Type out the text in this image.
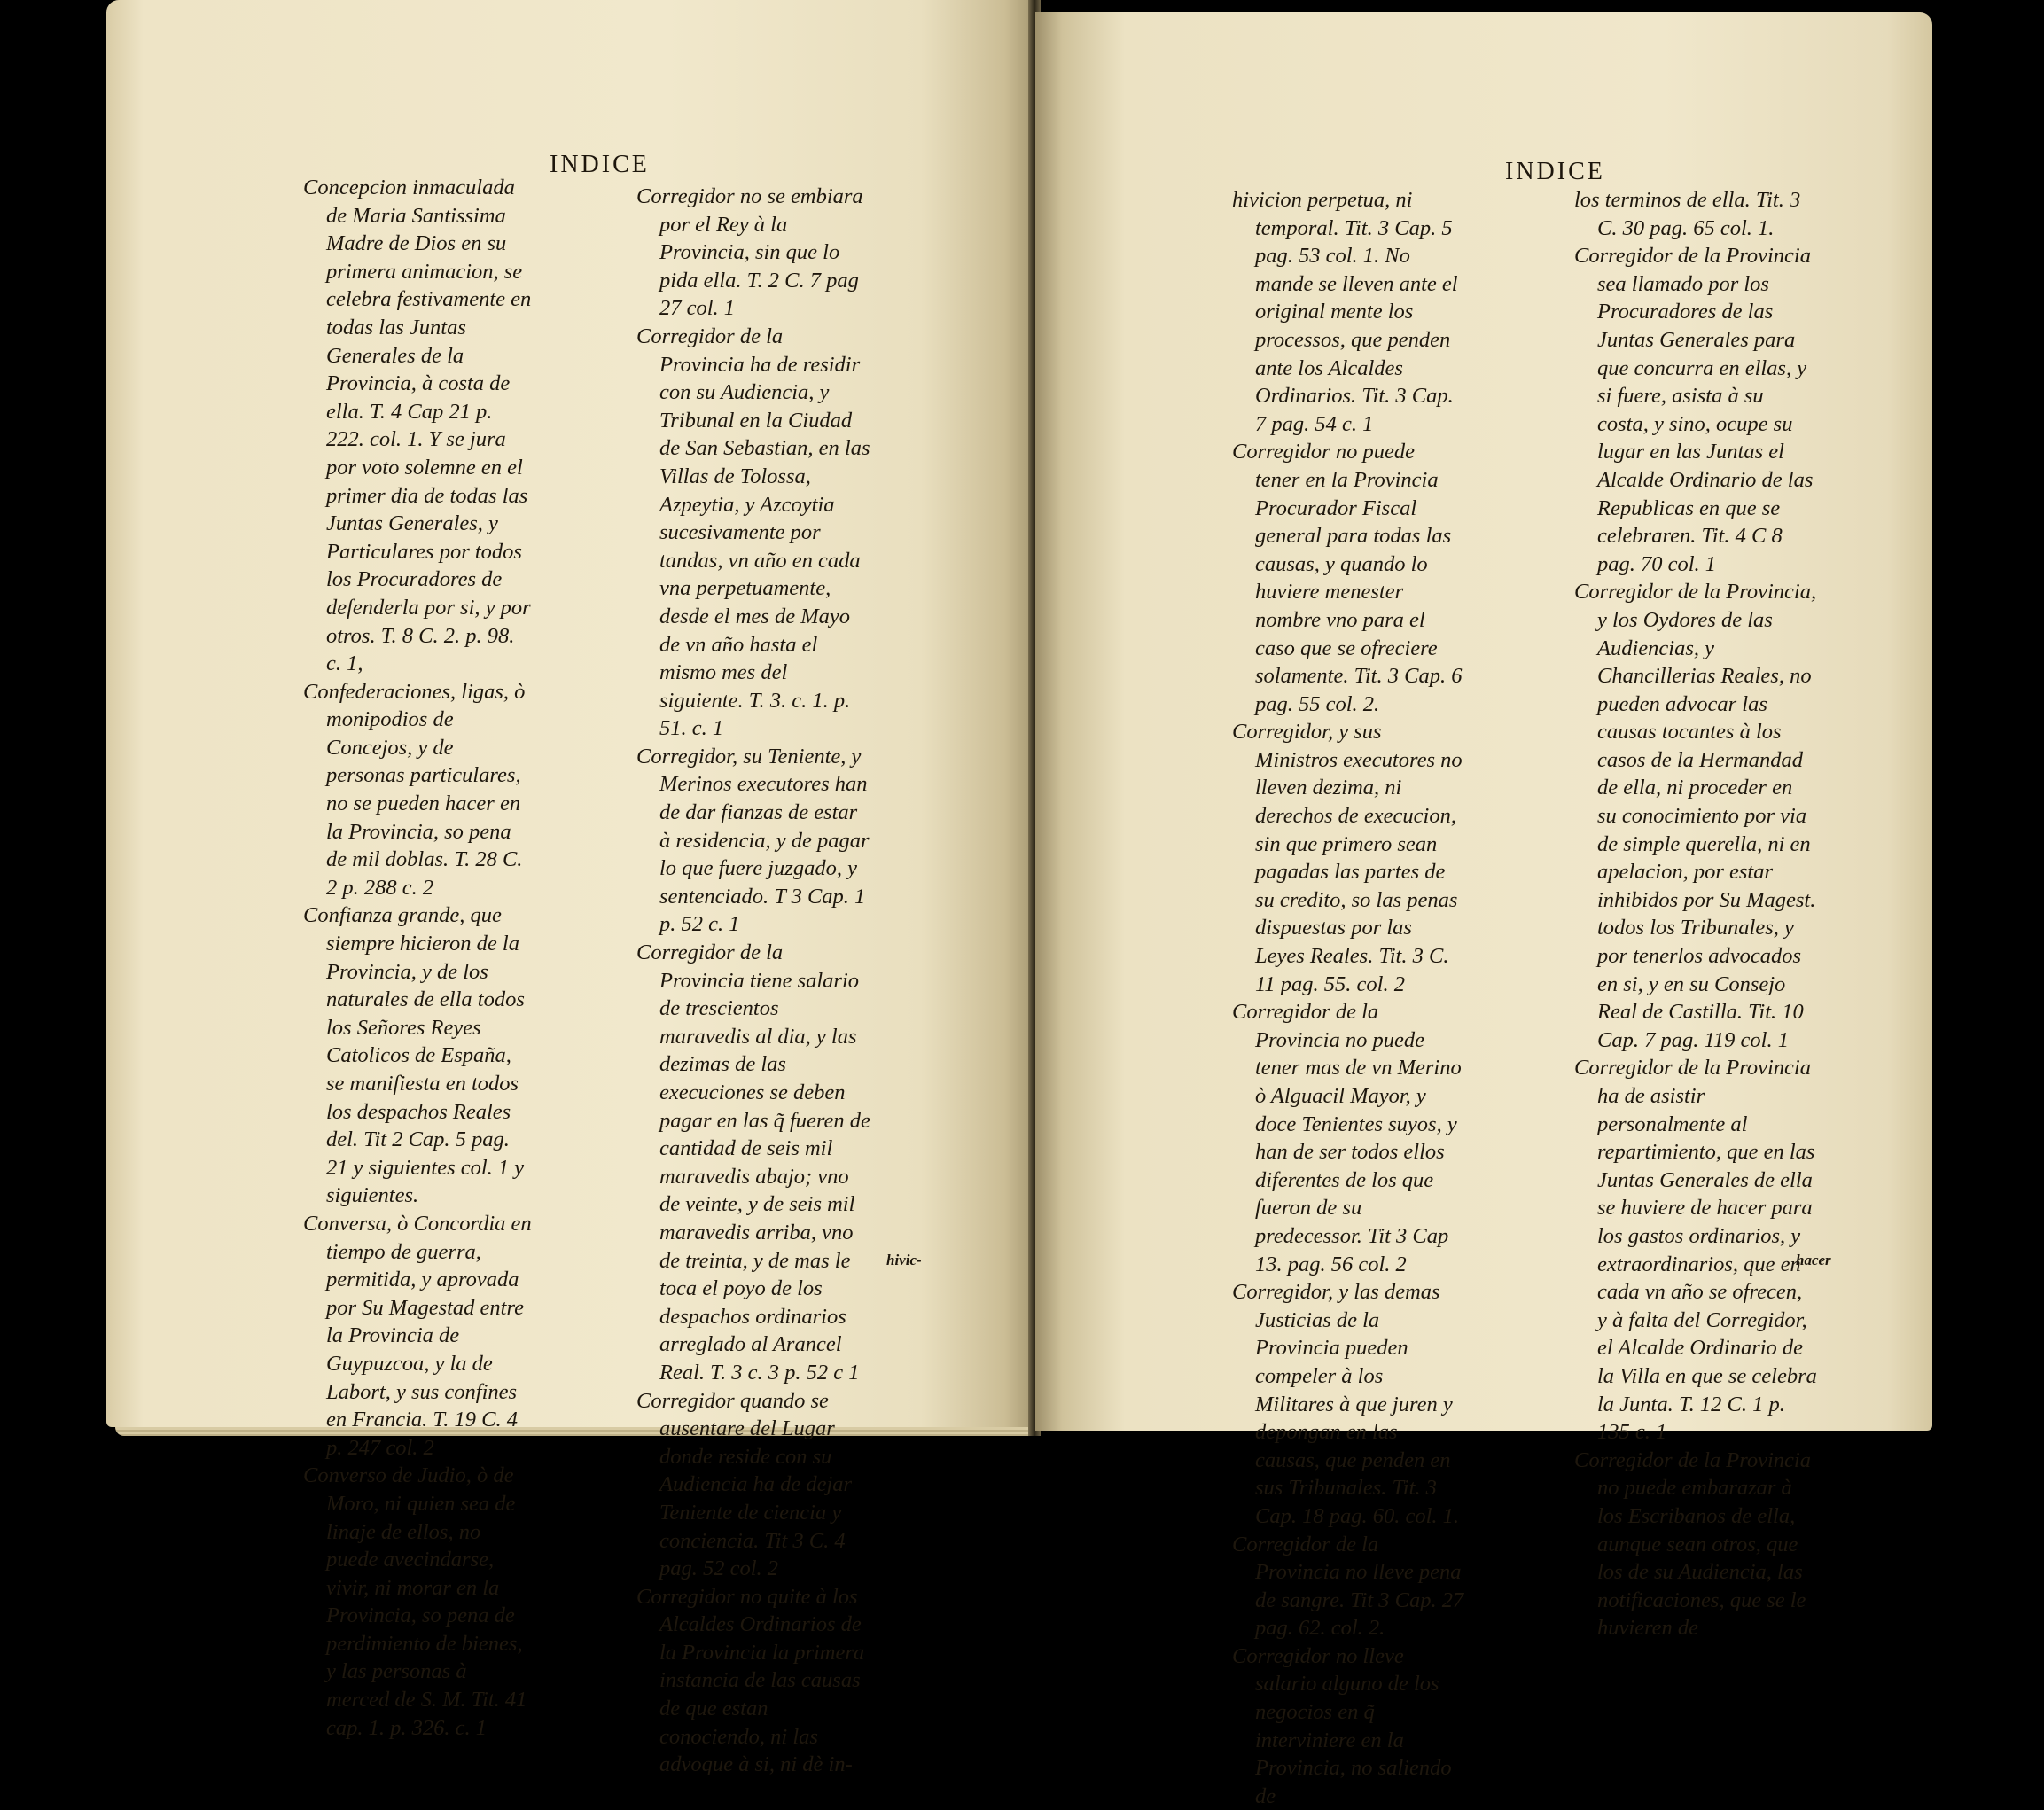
INDICE

Concepcion inmaculada de Maria Santissima Madre de Dios en su primera animacion, se celebra festivamente en todas las Juntas Generales de la Provincia, à costa de ella. T. 4 Cap 21 p. 222. col. 1. Y se jura por voto solemne en el primer dia de todas las Juntas Generales, y Particulares por todos los Procuradores de defenderla por si, y por otros. T. 8 C. 2. p. 98. c. 1,

Confederaciones, ligas, ò monipodios de Concejos, y de personas particulares, no se pueden hacer en la Provincia, so pena de mil doblas. T. 28 C. 2 p. 288 c. 2

Confianza grande, que siempre hicieron de la Provincia, y de los naturales de ella todos los Señores Reyes Catolicos de España, se manifiesta en todos los despachos Reales del. Tit 2 Cap. 5 pag. 21 y siguientes col. 1 y siguientes.

Conversa, ò Concordia en tiempo de guerra, permitida, y aprovada por Su Magestad entre la Provincia de Guypuzcoa, y la de Labort, y sus confines en Francia. T. 19 C. 4 p. 247 col. 2

Converso de Judio, ò de Moro, ni quien sea de linaje de ellos, no puede avecindarse, vivir, ni morar en la Provincia, so pena de perdimiento de bienes, y las personas à merced de S. M. Tit. 41 cap. 1. p. 326. c. 1

Corregidor no se embiara por el Rey à la Provincia, sin que lo pida ella. T. 2 C. 7 pag 27 col. 1

Corregidor de la Provincia ha de residir con su Audiencia, y Tribunal en la Ciudad de San Sebastian, en las Villas de Tolossa, Azpeytia, y Azcoytia sucesivamente por tandas, vn año en cada vna perpetuamente, desde el mes de Mayo de vn año hasta el mismo mes del siguiente. T. 3. c. 1. p. 51. c. 1

Corregidor, su Teniente, y Merinos executores han de dar fianzas de estar à residencia, y de pagar lo que fuere juzgado, y sentenciado. T 3 Cap. 1 p. 52 c. 1

Corregidor de la Provincia tiene salario de trescientos maravedis al dia, y las dezimas de las execuciones se deben pagar en las q̃ fueren de cantidad de seis mil maravedis abajo; vno de veinte, y de seis mil maravedis arriba, vno de treinta, y de mas le toca el poyo de los despachos ordinarios arreglado al Arancel Real. T. 3 c. 3 p. 52 c 1

Corregidor quando se ausentare del Lugar donde reside con su Audiencia ha de dejar Teniente de ciencia y conciencia. Tit 3 C. 4 pag. 52 col. 2

Corregidor no quite à los Alcaldes Ordinarios de la Provincia la primera instancia de las causas de que estan conociendo, ni las advoque à si, ni dè in-

hivic-
INDICE

hivicion perpetua, ni temporal. Tit. 3 Cap. 5 pag. 53 col. 1. No mande se lleven ante el original mente los processos, que penden ante los Alcaldes Ordinarios. Tit. 3 Cap. 7 pag. 54 c. 1

Corregidor no puede tener en la Provincia Procurador Fiscal general para todas las causas, y quando lo huviere menester nombre vno para el caso que se ofreciere solamente. Tit. 3 Cap. 6 pag. 55 col. 2.

Corregidor, y sus Ministros executores no lleven dezima, ni derechos de execucion, sin que primero sean pagadas las partes de su credito, so las penas dispuestas por las Leyes Reales. Tit. 3 C. 11 pag. 55. col. 2

Corregidor de la Provincia no puede tener mas de vn Merino ò Alguacil Mayor, y doce Tenientes suyos, y han de ser todos ellos diferentes de los que fueron de su predecessor. Tit 3 Cap 13. pag. 56 col. 2

Corregidor, y las demas Justicias de la Provincia pueden compeler à los Militares à que juren y depongan en las causas, que penden en sus Tribunales. Tit. 3 Cap. 18 pag. 60. col. 1.

Corregidor de la Provincia no lleve pena de sangre. Tit 3 Cap. 27 pag. 62. col. 2.

Corregidor no lleve salario alguno de los negocios en q̃ interviniere en la Provincia, no saliendo de

los terminos de ella. Tit. 3 C. 30 pag. 65 col. 1.

Corregidor de la Provincia sea llamado por los Procuradores de las Juntas Generales para que concurra en ellas, y si fuere, asista à su costa, y sino, ocupe su lugar en las Juntas el Alcalde Ordinario de las Republicas en que se celebraren. Tit. 4 C 8 pag. 70 col. 1

Corregidor de la Provincia, y los Oydores de las Audiencias, y Chancillerias Reales, no pueden advocar las causas tocantes à los casos de la Hermandad de ella, ni proceder en su conocimiento por via de simple querella, ni en apelacion, por estar inhibidos por Su Magest. todos los Tribunales, y por tenerlos advocados en si, y en su Consejo Real de Castilla. Tit. 10 Cap. 7 pag. 119 col. 1

Corregidor de la Provincia ha de asistir personalmente al repartimiento, que en las Juntas Generales de ella se huviere de hacer para los gastos ordinarios, y extraordinarios, que en cada vn año se ofrecen, y à falta del Corregidor, el Alcalde Ordinario de la Villa en que se celebra la Junta. T. 12 C. 1 p. 135 c. 1

Corregidor de la Provincia no puede embarazar à los Escribanos de ella, aunque sean otros, que los de su Audiencia, las notificaciones, que se le huvieren de

hacer
